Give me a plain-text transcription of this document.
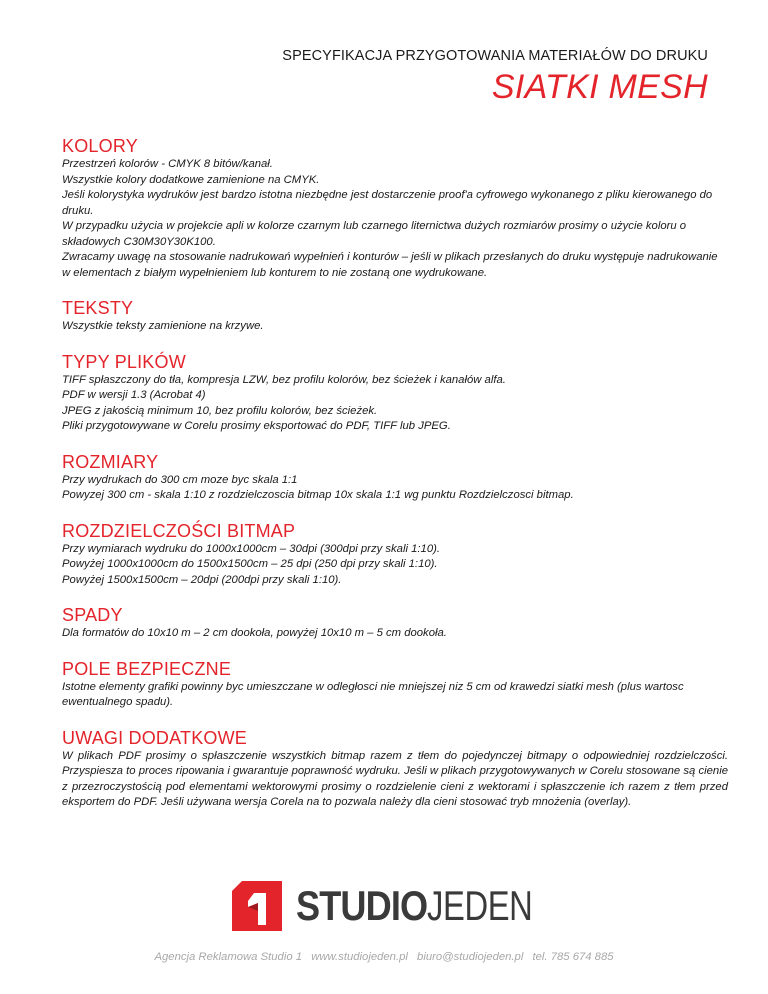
SPECYFIKACJA PRZYGOTOWANIA MATERIAŁÓW DO DRUKU
SIATKI MESH
KOLORY
Przestrzeń kolorów - CMYK 8 bitów/kanał.
Wszystkie kolory dodatkowe zamienione na CMYK.
Jeśli kolorystyka wydruków jest bardzo istotna niezbędne jest dostarczenie proof'a cyfrowego wykonanego z pliku kierowanego do druku.
W przypadku użycia w projekcie apli w kolorze czarnym lub czarnego liternictwa dużych rozmiarów prosimy o użycie koloru o składowych C30M30Y30K100.
Zwracamy uwagę na stosowanie nadrukowań wypełnień i konturów – jeśli w plikach przesłanych do druku występuje nadrukowanie w elementach z białym wypełnieniem lub konturem to nie zostaną one wydrukowane.
TEKSTY
Wszystkie teksty zamienione na krzywe.
TYPY PLIKÓW
TIFF spłaszczony do tła, kompresja LZW, bez profilu kolorów, bez ścieżek i kanałów alfa.
PDF w wersji 1.3 (Acrobat 4)
JPEG z jakością minimum 10, bez profilu kolorów, bez ścieżek.
Pliki przygotowywane w Corelu prosimy eksportować do PDF, TIFF lub JPEG.
ROZMIARY
Przy wydrukach do 300 cm moze byc skala 1:1
Powyzej 300 cm - skala 1:10 z rozdzielczoscia bitmap 10x skala 1:1 wg punktu Rozdzielczosci bitmap.
ROZDZIELCZOŚCI BITMAP
Przy wymiarach wydruku do 1000x1000cm – 30dpi (300dpi przy skali 1:10).
Powyżej 1000x1000cm do 1500x1500cm – 25 dpi (250 dpi przy skali 1:10).
Powyżej 1500x1500cm – 20dpi (200dpi przy skali 1:10).
SPADY
Dla formatów do 10x10 m – 2 cm dookoła, powyżej 10x10 m – 5 cm dookoła.
POLE BEZPIECZNE
Istotne elementy grafiki powinny byc umieszczane w odległosci nie mniejszej niz 5 cm od krawedzi siatki mesh (plus wartosc ewentualnego spadu).
UWAGI DODATKOWE
W plikach PDF prosimy o spłaszczenie wszystkich bitmap razem z tłem do pojedynczej bitmapy o odpowiedniej rozdzielczości. Przyspiesza to proces ripowania i gwarantuje poprawność wydruku. Jeśli w plikach przygotowywanych w Corelu stosowane są cienie z przezroczystością pod elementami wektorowymi prosimy o rozdzielenie cieni z wektorami i spłaszczenie ich razem z tłem przed eksportem do PDF. Jeśli używana wersja Corela na to pozwala należy dla cieni stosować tryb mnożenia (overlay).
STUDIO JEDEN
Agencja Reklamowa Studio 1 www.studiojeden.pl biuro@studiojeden.pl tel. 785 674 885
